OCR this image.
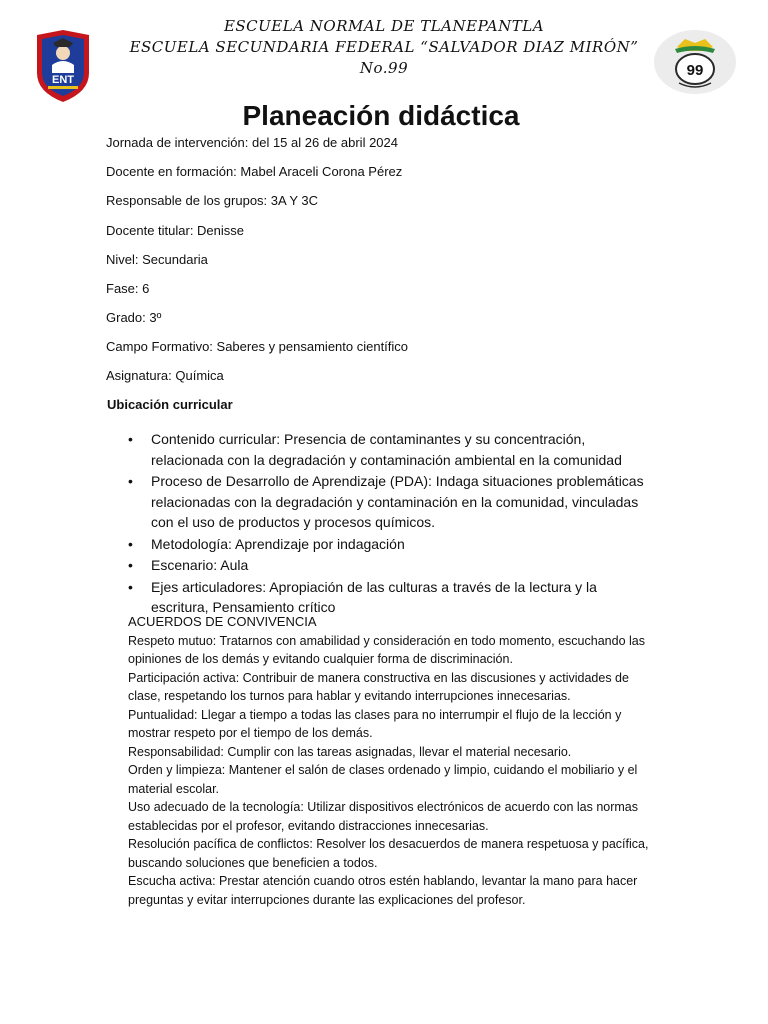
ENT
99
ESCUELA NORMAL DE TLANEPANTLA
ESCUELA SECUNDARIA FEDERAL “SALVADOR DIAZ MIRÓN”
No.99
Planeación didáctica

Jornada de intervención: del 15 al 26 de abril 2024

Docente en formación: Mabel Araceli Corona Pérez

Responsable de los grupos: 3A Y 3C

Docente titular: Denisse

Nivel: Secundaria

Fase: 6

Grado: 3º

Campo Formativo: Saberes y pensamiento científico

Asignatura: Química

Ubicación curricular

• Contenido curricular: Presencia de contaminantes y su concentración, relacionada con la degradación y contaminación ambiental en la comunidad
• Proceso de Desarrollo de Aprendizaje (PDA): Indaga situaciones problemáticas relacionadas con la degradación y contaminación en la comunidad, vinculadas con el uso de productos y procesos químicos.
• Metodología: Aprendizaje por indagación
• Escenario: Aula
• Ejes articuladores: Apropiación de las culturas a través de la lectura y la escritura, Pensamiento crítico

ACUERDOS DE CONVIVENCIA

Respeto mutuo: Tratarnos con amabilidad y consideración en todo momento, escuchando las opiniones de los demás y evitando cualquier forma de discriminación.

Participación activa: Contribuir de manera constructiva en las discusiones y actividades de clase, respetando los turnos para hablar y evitando interrupciones innecesarias.

Puntualidad: Llegar a tiempo a todas las clases para no interrumpir el flujo de la lección y mostrar respeto por el tiempo de los demás.

Responsabilidad: Cumplir con las tareas asignadas, llevar el material necesario.

Orden y limpieza: Mantener el salón de clases ordenado y limpio, cuidando el mobiliario y el material escolar.

Uso adecuado de la tecnología: Utilizar dispositivos electrónicos de acuerdo con las normas establecidas por el profesor, evitando distracciones innecesarias.

Resolución pacífica de conflictos: Resolver los desacuerdos de manera respetuosa y pacífica, buscando soluciones que beneficien a todos.

Escucha activa: Prestar atención cuando otros estén hablando, levantar la mano para hacer preguntas y evitar interrupciones durante las explicaciones del profesor.
